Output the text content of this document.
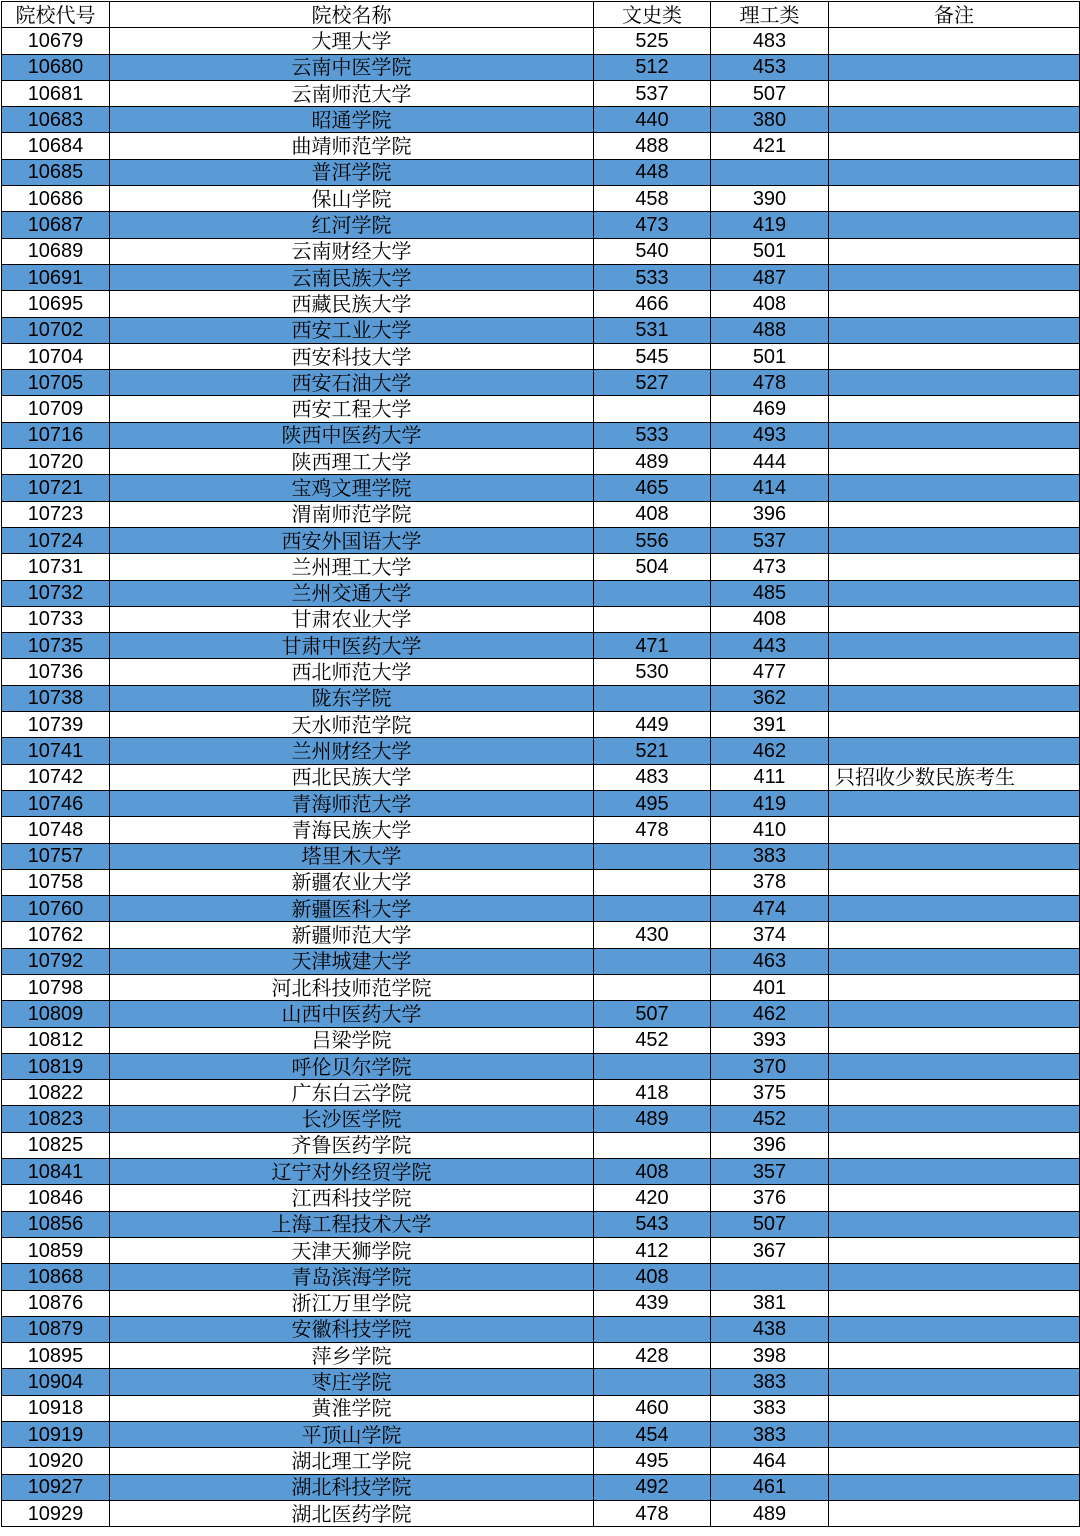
院校代号	院校名称	文史类	理工类	备注
10679	大理大学	525	483	
10680	云南中医学院	512	453	
10681	云南师范大学	537	507	
10683	昭通学院	440	380	
10684	曲靖师范学院	488	421	
10685	普洱学院	448		
10686	保山学院	458	390	
10687	红河学院	473	419	
10689	云南财经大学	540	501	
10691	云南民族大学	533	487	
10695	西藏民族大学	466	408	
10702	西安工业大学	531	488	
10704	西安科技大学	545	501	
10705	西安石油大学	527	478	
10709	西安工程大学		469	
10716	陕西中医药大学	533	493	
10720	陕西理工大学	489	444	
10721	宝鸡文理学院	465	414	
10723	渭南师范学院	408	396	
10724	西安外国语大学	556	537	
10731	兰州理工大学	504	473	
10732	兰州交通大学		485	
10733	甘肃农业大学		408	
10735	甘肃中医药大学	471	443	
10736	西北师范大学	530	477	
10738	陇东学院		362	
10739	天水师范学院	449	391	
10741	兰州财经大学	521	462	
10742	西北民族大学	483	411	只招收少数民族考生
10746	青海师范大学	495	419	
10748	青海民族大学	478	410	
10757	塔里木大学		383	
10758	新疆农业大学		378	
10760	新疆医科大学		474	
10762	新疆师范大学	430	374	
10792	天津城建大学		463	
10798	河北科技师范学院		401	
10809	山西中医药大学	507	462	
10812	吕梁学院	452	393	
10819	呼伦贝尔学院		370	
10822	广东白云学院	418	375	
10823	长沙医学院	489	452	
10825	齐鲁医药学院		396	
10841	辽宁对外经贸学院	408	357	
10846	江西科技学院	420	376	
10856	上海工程技术大学	543	507	
10859	天津天狮学院	412	367	
10868	青岛滨海学院	408		
10876	浙江万里学院	439	381	
10879	安徽科技学院		438	
10895	萍乡学院	428	398	
10904	枣庄学院		383	
10918	黄淮学院	460	383	
10919	平顶山学院	454	383	
10920	湖北理工学院	495	464	
10927	湖北科技学院	492	461	
10929	湖北医药学院	478	489	
